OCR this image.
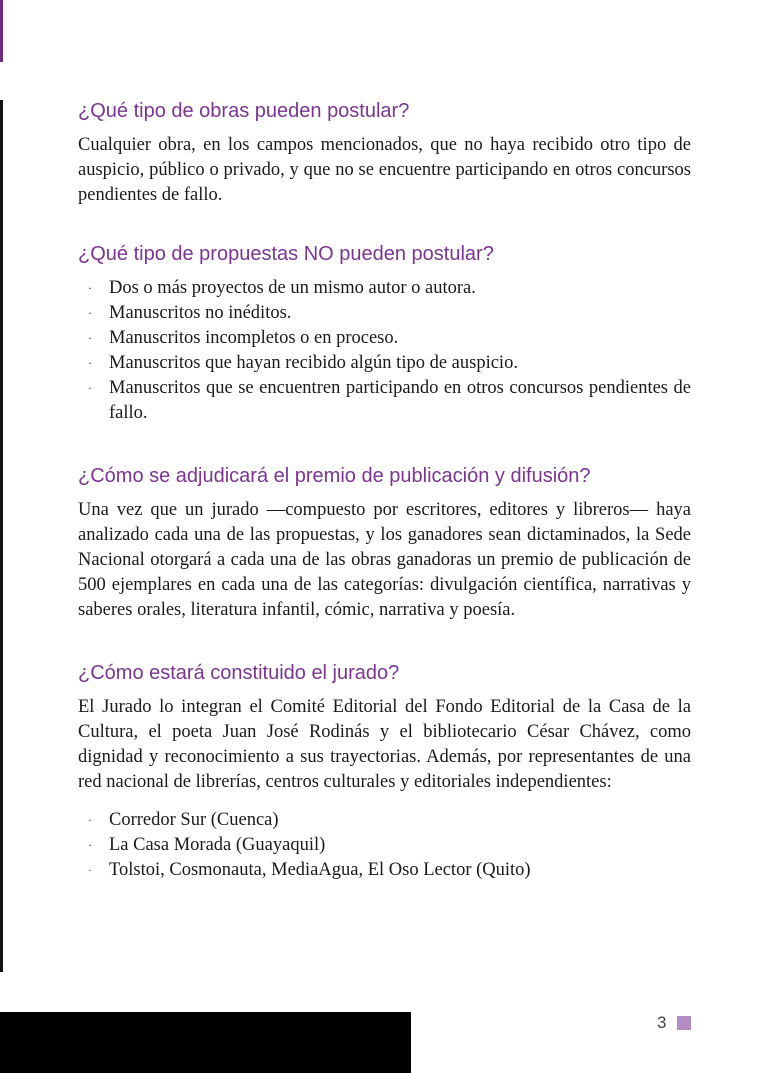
¿Qué tipo de obras pueden postular?

Cualquier obra, en los campos mencionados, que no haya recibido otro tipo de auspicio, público o privado, y que no se encuentre participando en otros concursos pendientes de fallo.

¿Qué tipo de propuestas NO pueden postular?
· Dos o más proyectos de un mismo autor o autora.
· Manuscritos no inéditos.
· Manuscritos incompletos o en proceso.
· Manuscritos que hayan recibido algún tipo de auspicio.
· Manuscritos que se encuentren participando en otros concursos pendientes de fallo.
¿Cómo se adjudicará el premio de publicación y difusión?

Una vez que un jurado —compuesto por escritores, editores y libreros— haya analizado cada una de las propuestas, y los ganadores sean dictaminados, la Sede Nacional otorgará a cada una de las obras ganadoras un premio de publicación de 500 ejemplares en cada una de las categorías: divulgación científica, narrativas y saberes orales, literatura infantil, cómic, narrativa y poesía.

¿Cómo estará constituido el jurado?

El Jurado lo integran el Comité Editorial del Fondo Editorial de la Casa de la Cultura, el poeta Juan José Rodinás y el bibliotecario César Chávez, como dignidad y reconocimiento a sus trayectorias. Además, por representantes de una red nacional de librerías, centros culturales y editoriales independientes:

· Corredor Sur (Cuenca)
· La Casa Morada (Guayaquil)
· Tolstoi, Cosmonauta, MediaAgua, El Oso Lector (Quito)
3
